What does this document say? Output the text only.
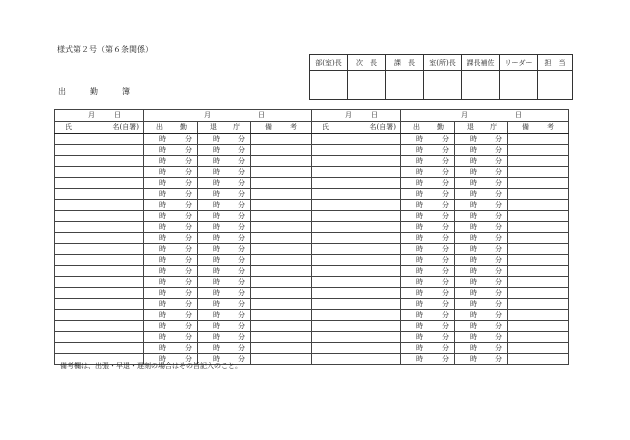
様式第２号（第６条関係）
出	勤	簿
部(室)長	次　長	課　長	室(所)長	課長補佐	リーダー	担　当

月 日	月 日			月 日	月 日		

氏 名(自署)	出 勤	退 庁	備 考	氏 名(自署)	出 勤	退 庁	備 考

	時 分	時 分			時 分	時 分	

	時 分	時 分			時 分	時 分	

	時 分	時 分			時 分	時 分	

	時 分	時 分			時 分	時 分	

	時 分	時 分			時 分	時 分	

	時 分	時 分			時 分	時 分	

	時 分	時 分			時 分	時 分	

	時 分	時 分			時 分	時 分	

	時 分	時 分			時 分	時 分	

	時 分	時 分			時 分	時 分	

	時 分	時 分			時 分	時 分	

	時 分	時 分			時 分	時 分	

	時 分	時 分			時 分	時 分	

	時 分	時 分			時 分	時 分	

	時 分	時 分			時 分	時 分	

	時 分	時 分			時 分	時 分	

	時 分	時 分			時 分	時 分	

	時 分	時 分			時 分	時 分	

	時 分	時 分			時 分	時 分	

	時 分	時 分			時 分	時 分	

	時 分	時 分			時 分	時 分	

備考欄は、出張・早退・遅刻の場合はその旨記入のこと。
